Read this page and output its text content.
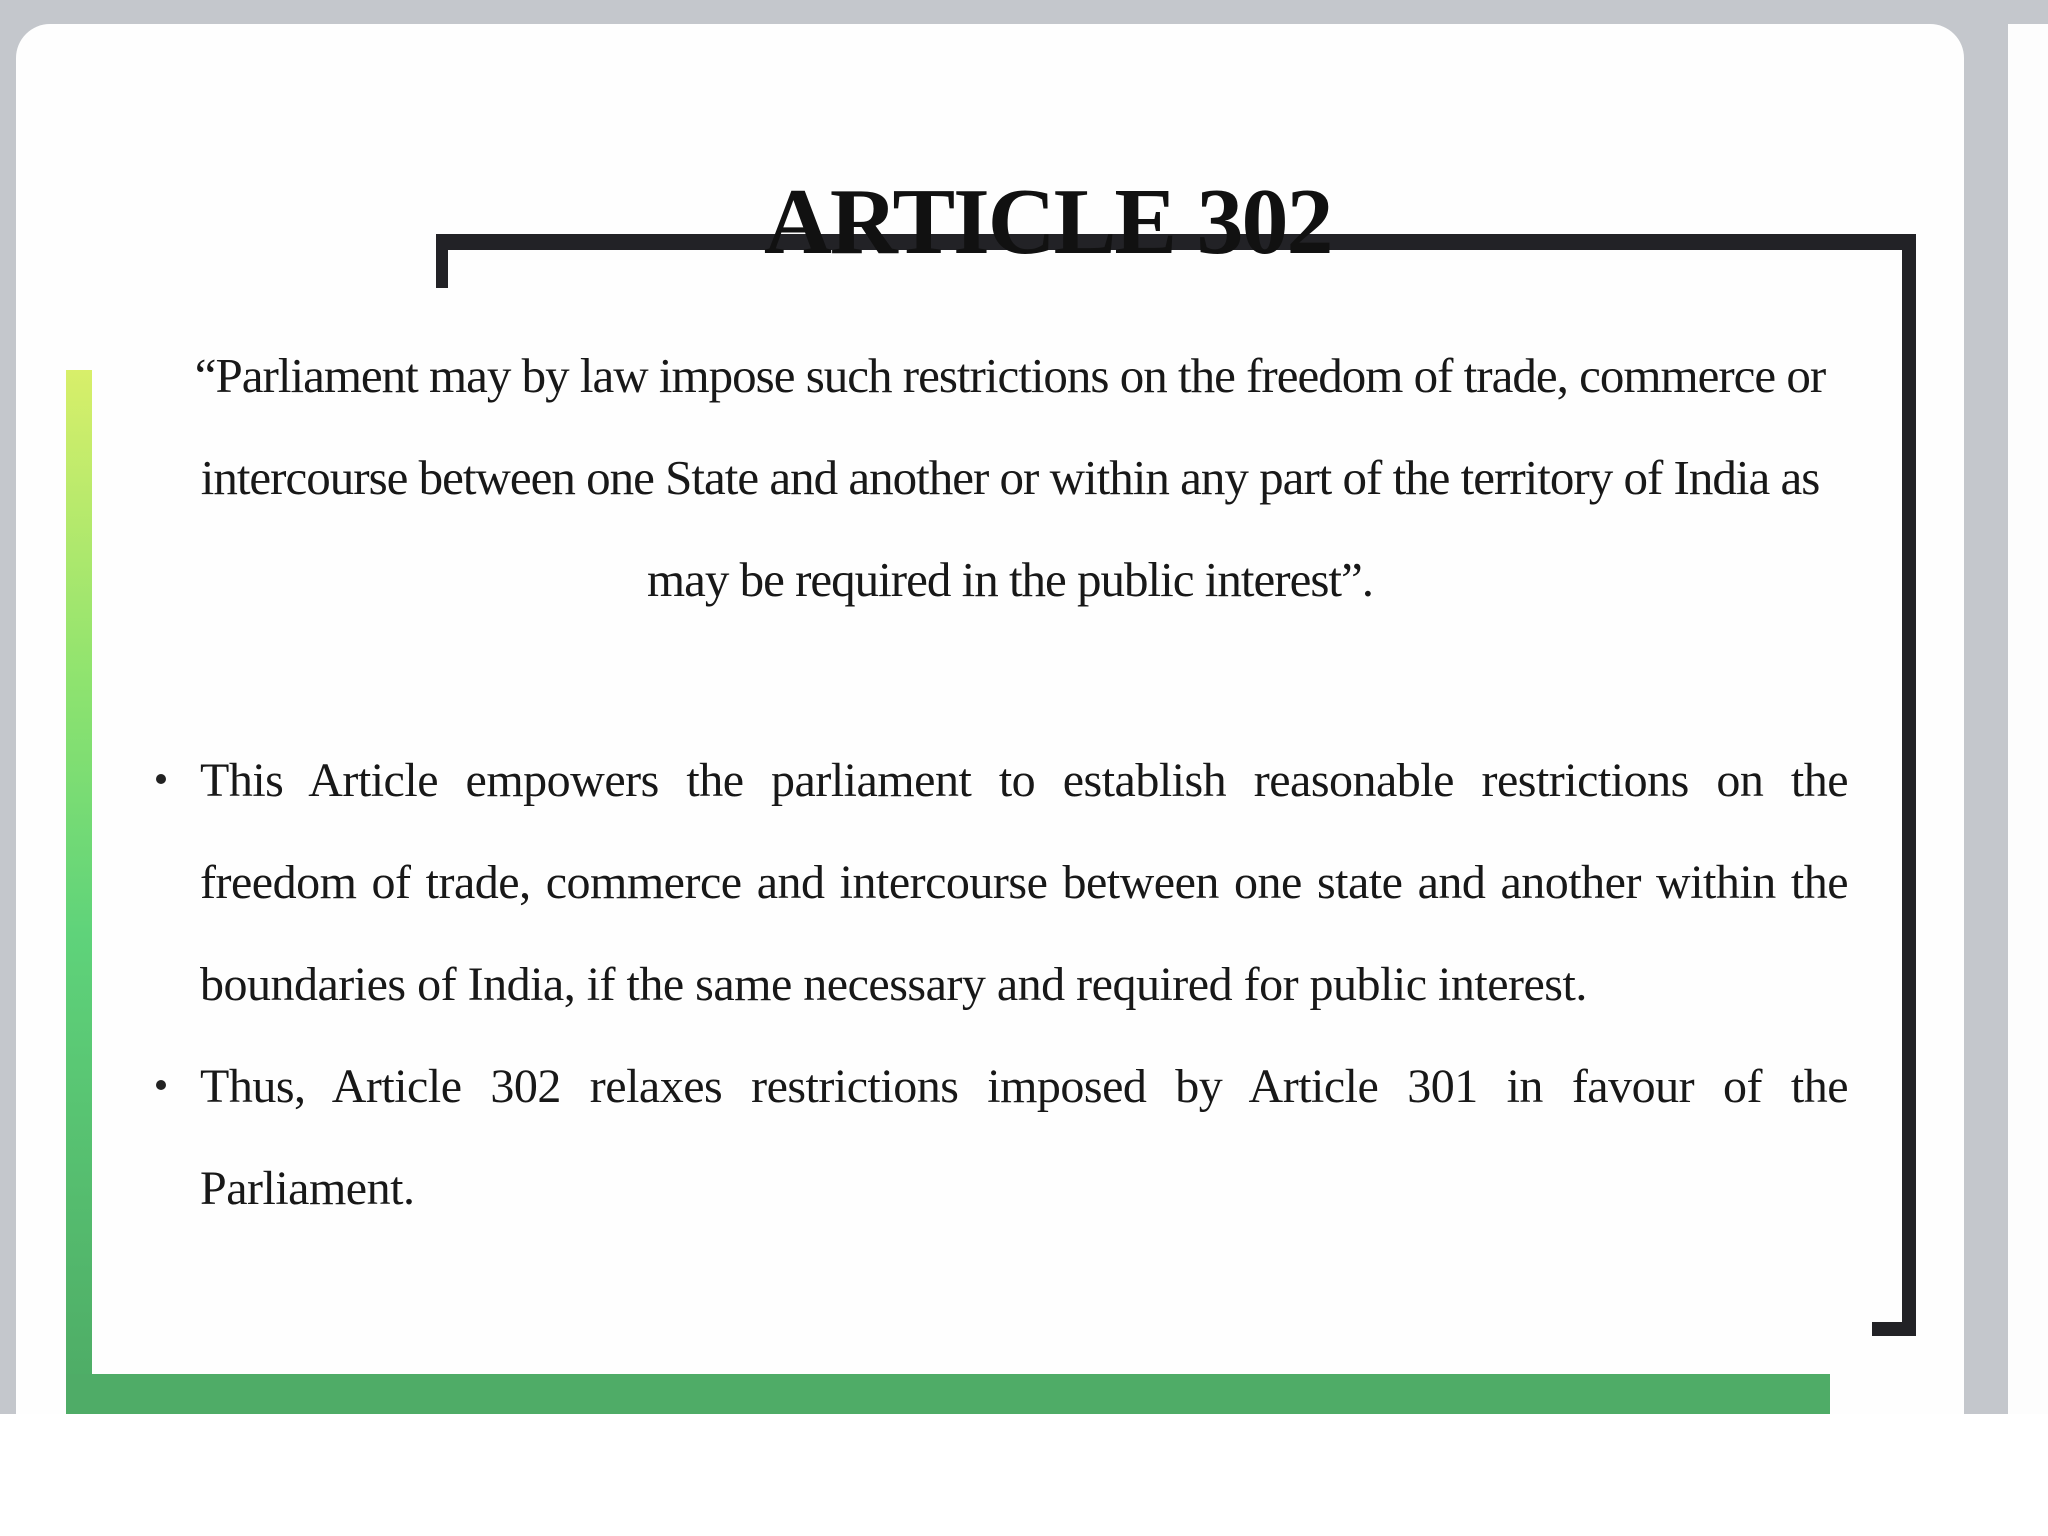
ARTICLE 302

“Parliament may by law impose such restrictions on the freedom of trade, commerce or intercourse between one State and another or within any part of the territory of India as may be required in the public interest”.

This Article empowers the parliament to establish reasonable restrictions on the freedom of trade, commerce and intercourse between one state and another within the boundaries of India, if the same necessary and required for public interest.
Thus, Article 302 relaxes restrictions imposed by Article 301 in favour of the Parliament.
